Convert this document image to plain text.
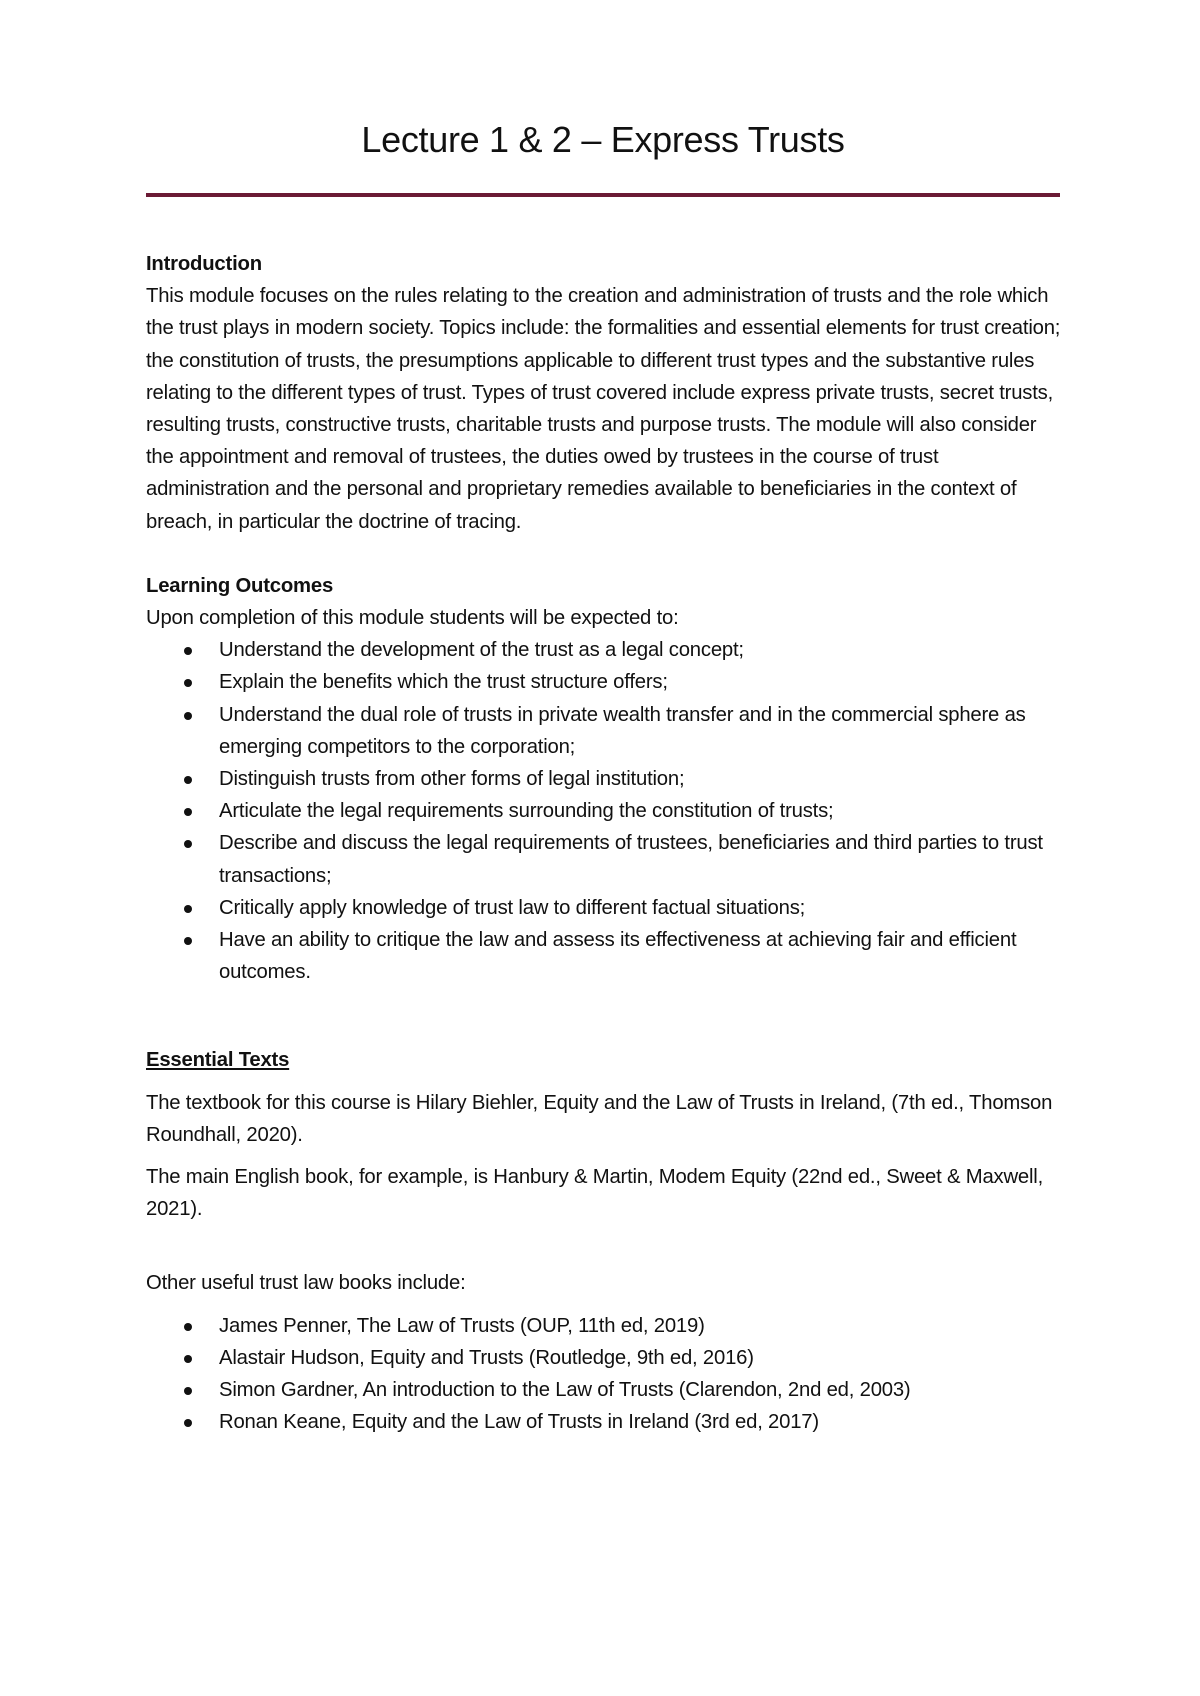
Lecture 1 & 2 – Express Trusts

Introduction

This module focuses on the rules relating to the creation and administration of trusts and the role which the trust plays in modern society. Topics include: the formalities and essential elements for trust creation; the constitution of trusts, the presumptions applicable to different trust types and the substantive rules relating to the different types of trust. Types of trust covered include express private trusts, secret trusts, resulting trusts, constructive trusts, charitable trusts and purpose trusts. The module will also consider the appointment and removal of trustees, the duties owed by trustees in the course of trust administration and the personal and proprietary remedies available to beneficiaries in the context of breach, in particular the doctrine of tracing.

Learning Outcomes

Upon completion of this module students will be expected to:

Understand the development of the trust as a legal concept;
Explain the benefits which the trust structure offers;
Understand the dual role of trusts in private wealth transfer and in the commercial sphere as emerging competitors to the corporation;
Distinguish trusts from other forms of legal institution;
Articulate the legal requirements surrounding the constitution of trusts;
Describe and discuss the legal requirements of trustees, beneficiaries and third parties to trust transactions;
Critically apply knowledge of trust law to different factual situations;
Have an ability to critique the law and assess its effectiveness at achieving fair and efficient outcomes.

Essential Texts

The textbook for this course is Hilary Biehler, Equity and the Law of Trusts in Ireland, (7th ed., Thomson Roundhall, 2020).

The main English book, for example, is Hanbury & Martin, Modem Equity (22nd ed., Sweet & Maxwell, 2021).

Other useful trust law books include:

James Penner, The Law of Trusts (OUP, 11th ed, 2019)
Alastair Hudson, Equity and Trusts (Routledge, 9th ed, 2016)
Simon Gardner, An introduction to the Law of Trusts (Clarendon, 2nd ed, 2003)
Ronan Keane, Equity and the Law of Trusts in Ireland (3rd ed, 2017)
